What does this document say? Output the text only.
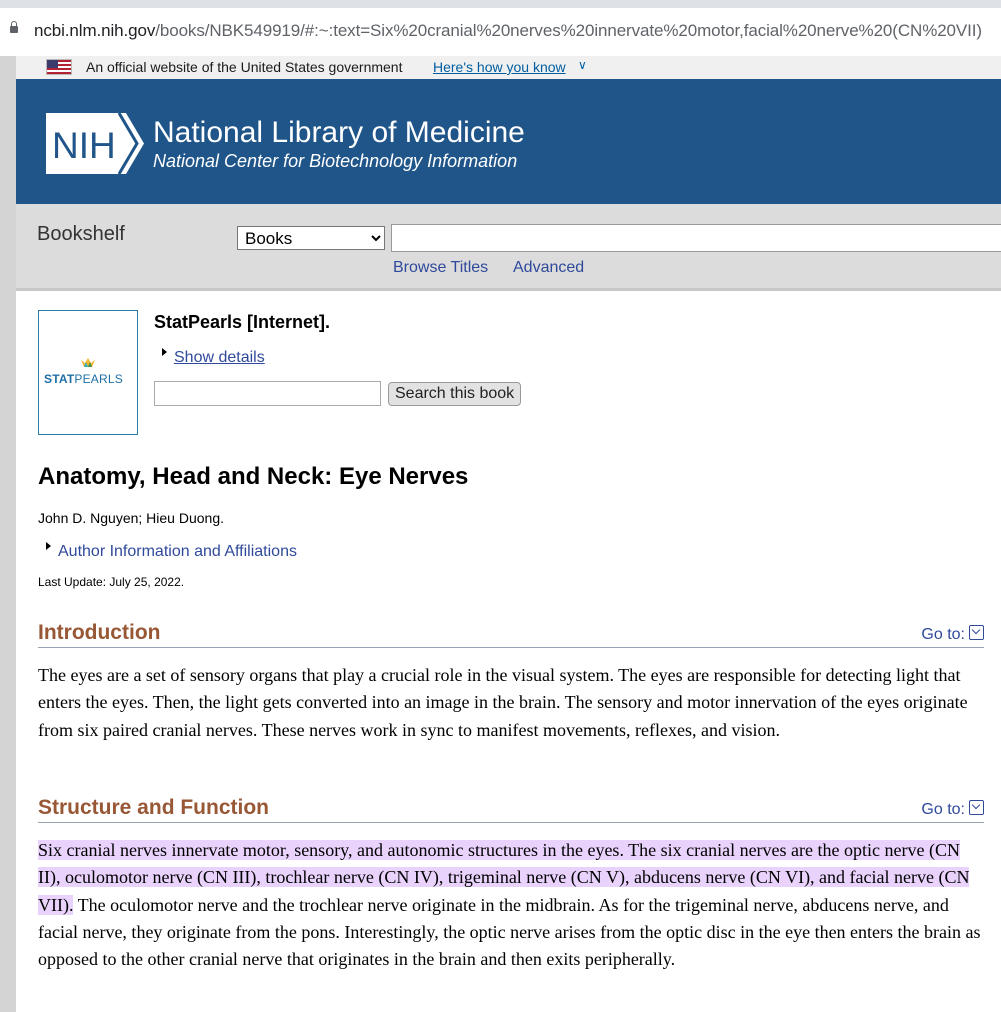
ncbi.nlm.nih.gov/books/NBK549919/#:~:text=Six%20cranial%20nerves%20innervate%20motor,facial%20nerve%20(CN%20VII)
An official website of the United States government Here's how you know ∨
NIH National Library of Medicine
National Center for Biotechnology Information
Bookshelf
Books
Browse Titles Advanced
STATPEARLS
StatPearls [Internet].
Show details
Search this book
Anatomy, Head and Neck: Eye Nerves
John D. Nguyen; Hieu Duong.
Author Information and Affiliations
Last Update: July 25, 2022.
Introduction	Go to:
The eyes are a set of sensory organs that play a crucial role in the visual system. The eyes are responsible for detecting light that enters the eyes. Then, the light gets converted into an image in the brain. The sensory and motor innervation of the eyes originate from six paired cranial nerves. These nerves work in sync to manifest movements, reflexes, and vision.
Structure and Function	Go to:
Six cranial nerves innervate motor, sensory, and autonomic structures in the eyes. The six cranial nerves are the optic nerve (CN II), oculomotor nerve (CN III), trochlear nerve (CN IV), trigeminal nerve (CN V), abducens nerve (CN VI), and facial nerve (CN VII). The oculomotor nerve and the trochlear nerve originate in the midbrain. As for the trigeminal nerve, abducens nerve, and facial nerve, they originate from the pons. Interestingly, the optic nerve arises from the optic disc in the eye then enters the brain as opposed to the other cranial nerve that originates in the brain and then exits peripherally.
